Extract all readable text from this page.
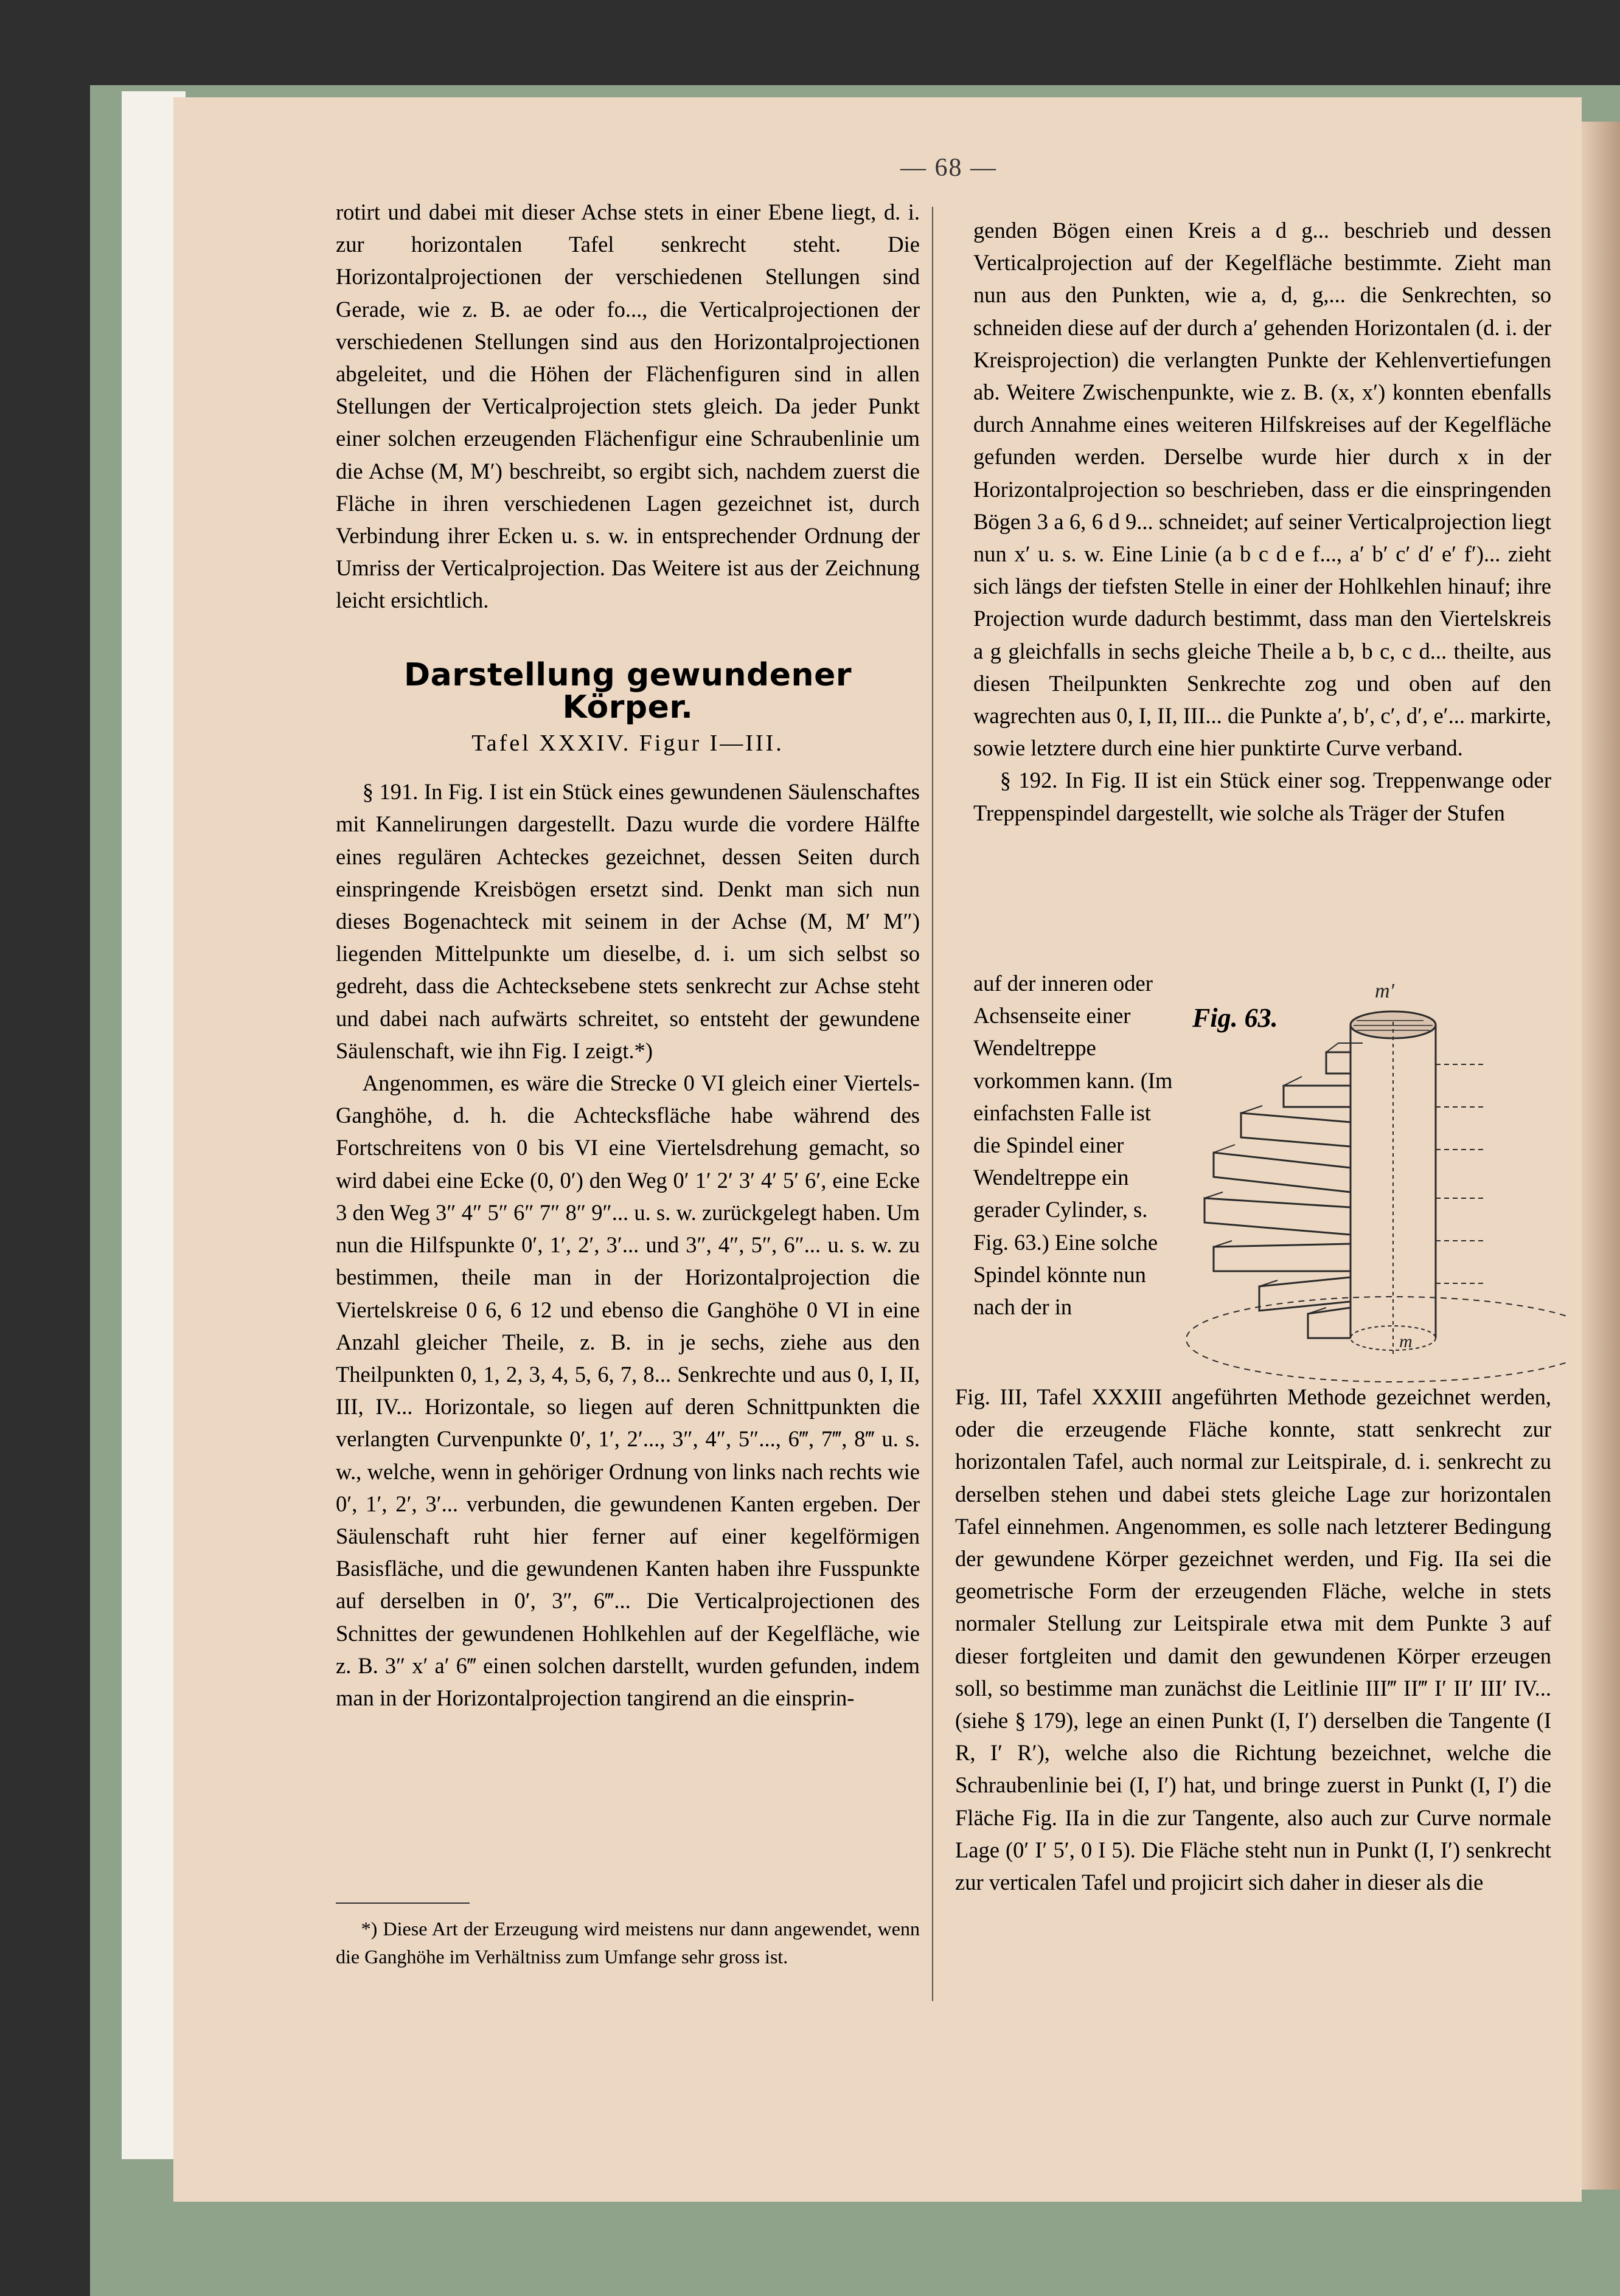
— 68 —

rotirt und dabei mit dieser Achse stets in einer Ebene liegt, d. i. zur horizontalen Tafel senkrecht steht. Die Horizontalprojectionen der verschiedenen Stellungen sind Gerade, wie z. B. ae oder fo..., die Verticalprojectionen der verschiedenen Stellungen sind aus den Horizontalprojectionen abgeleitet, und die Höhen der Flächenfiguren sind in allen Stellungen der Verticalprojection stets gleich. Da jeder Punkt einer solchen erzeugenden Flächenfigur eine Schraubenlinie um die Achse (M, M′) beschreibt, so ergibt sich, nachdem zuerst die Fläche in ihren verschiedenen Lagen gezeichnet ist, durch Verbindung ihrer Ecken u. s. w. in entsprechender Ordnung der Umriss der Verticalprojection. Das Weitere ist aus der Zeichnung leicht ersichtlich.

Darstellung gewundener Körper.
Tafel XXXIV. Figur I—III.

§ 191. In Fig. I ist ein Stück eines gewundenen Säulenschaftes mit Kannelirungen dargestellt. Dazu wurde die vordere Hälfte eines regulären Achteckes gezeichnet, dessen Seiten durch einspringende Kreisbögen ersetzt sind. Denkt man sich nun dieses Bogenachteck mit seinem in der Achse (M, M′ M″) liegenden Mittelpunkte um dieselbe, d. i. um sich selbst so gedreht, dass die Achtecksebene stets senkrecht zur Achse steht und dabei nach aufwärts schreitet, so entsteht der gewundene Säulenschaft, wie ihn Fig. I zeigt.*)

Angenommen, es wäre die Strecke 0 VI gleich einer Viertels-Ganghöhe, d. h. die Achtecksfläche habe während des Fortschreitens von 0 bis VI eine Viertelsdrehung gemacht, so wird dabei eine Ecke (0, 0′) den Weg 0′ 1′ 2′ 3′ 4′ 5′ 6′, eine Ecke 3 den Weg 3″ 4″ 5″ 6″ 7″ 8″ 9″... u. s. w. zurückgelegt haben. Um nun die Hilfspunkte 0′, 1′, 2′, 3′... und 3″, 4″, 5″, 6″... u. s. w. zu bestimmen, theile man in der Horizontalprojection die Viertelskreise 0 6, 6 12 und ebenso die Ganghöhe 0 VI in eine Anzahl gleicher Theile, z. B. in je sechs, ziehe aus den Theilpunkten 0, 1, 2, 3, 4, 5, 6, 7, 8... Senkrechte und aus 0, I, II, III, IV... Horizontale, so liegen auf deren Schnittpunkten die verlangten Curvenpunkte 0′, 1′, 2′..., 3″, 4″, 5″..., 6‴, 7‴, 8‴ u. s. w., welche, wenn in gehöriger Ordnung von links nach rechts wie 0′, 1′, 2′, 3′... verbunden, die gewundenen Kanten ergeben. Der Säulenschaft ruht hier ferner auf einer kegelförmigen Basisfläche, und die gewundenen Kanten haben ihre Fusspunkte auf derselben in 0′, 3″, 6‴... Die Verticalprojectionen des Schnittes der gewundenen Hohlkehlen auf der Kegelfläche, wie z. B. 3″ x′ a′ 6‴ einen solchen darstellt, wurden gefunden, indem man in der Horizontalprojection tangirend an die einsprin-

*) Diese Art der Erzeugung wird meistens nur dann angewendet, wenn die Ganghöhe im Verhältniss zum Umfange sehr gross ist.

genden Bögen einen Kreis a d g... beschrieb und dessen Verticalprojection auf der Kegelfläche bestimmte. Zieht man nun aus den Punkten, wie a, d, g,... die Senkrechten, so schneiden diese auf der durch a′ gehenden Horizontalen (d. i. der Kreisprojection) die verlangten Punkte der Kehlenvertiefungen ab. Weitere Zwischenpunkte, wie z. B. (x, x′) konnten ebenfalls durch Annahme eines weiteren Hilfskreises auf der Kegelfläche gefunden werden. Derselbe wurde hier durch x in der Horizontalprojection so beschrieben, dass er die einspringenden Bögen 3 a 6, 6 d 9... schneidet; auf seiner Verticalprojection liegt nun x′ u. s. w. Eine Linie (a b c d e f..., a′ b′ c′ d′ e′ f′)... zieht sich längs der tiefsten Stelle in einer der Hohlkehlen hinauf; ihre Projection wurde dadurch bestimmt, dass man den Viertelskreis a g gleichfalls in sechs gleiche Theile a b, b c, c d... theilte, aus diesen Theilpunkten Senkrechte zog und oben auf den wagrechten aus 0, I, II, III... die Punkte a′, b′, c′, d′, e′... markirte, sowie letztere durch eine hier punktirte Curve verband.

§ 192. In Fig. II ist ein Stück einer sog. Treppenwange oder Treppenspindel dargestellt, wie solche als Träger der Stufen

auf der inneren oder Achsenseite einer Wendeltreppe vorkommen kann. (Im einfachsten Falle ist die Spindel einer Wendeltreppe ein gerader Cylinder, s. Fig. 63.) Eine solche Spindel könnte nun nach der in

Fig. 63.
m′
m

Fig. III, Tafel XXXIII angeführten Methode gezeichnet werden, oder die erzeugende Fläche konnte, statt senkrecht zur horizontalen Tafel, auch normal zur Leitspirale, d. i. senkrecht zu derselben stehen und dabei stets gleiche Lage zur horizontalen Tafel einnehmen. Angenommen, es solle nach letzterer Bedingung der gewundene Körper gezeichnet werden, und Fig. IIa sei die geometrische Form der erzeugenden Fläche, welche in stets normaler Stellung zur Leitspirale etwa mit dem Punkte 3 auf dieser fortgleiten und damit den gewundenen Körper erzeugen soll, so bestimme man zunächst die Leitlinie III‴ II‴ I′ II′ III′ IV... (siehe § 179), lege an einen Punkt (I, I′) derselben die Tangente (I R, I′ R′), welche also die Richtung bezeichnet, welche die Schraubenlinie bei (I, I′) hat, und bringe zuerst in Punkt (I, I′) die Fläche Fig. IIa in die zur Tangente, also auch zur Curve normale Lage (0′ I′ 5′, 0 I 5). Die Fläche steht nun in Punkt (I, I′) senkrecht zur verticalen Tafel und projicirt sich daher in dieser als die
